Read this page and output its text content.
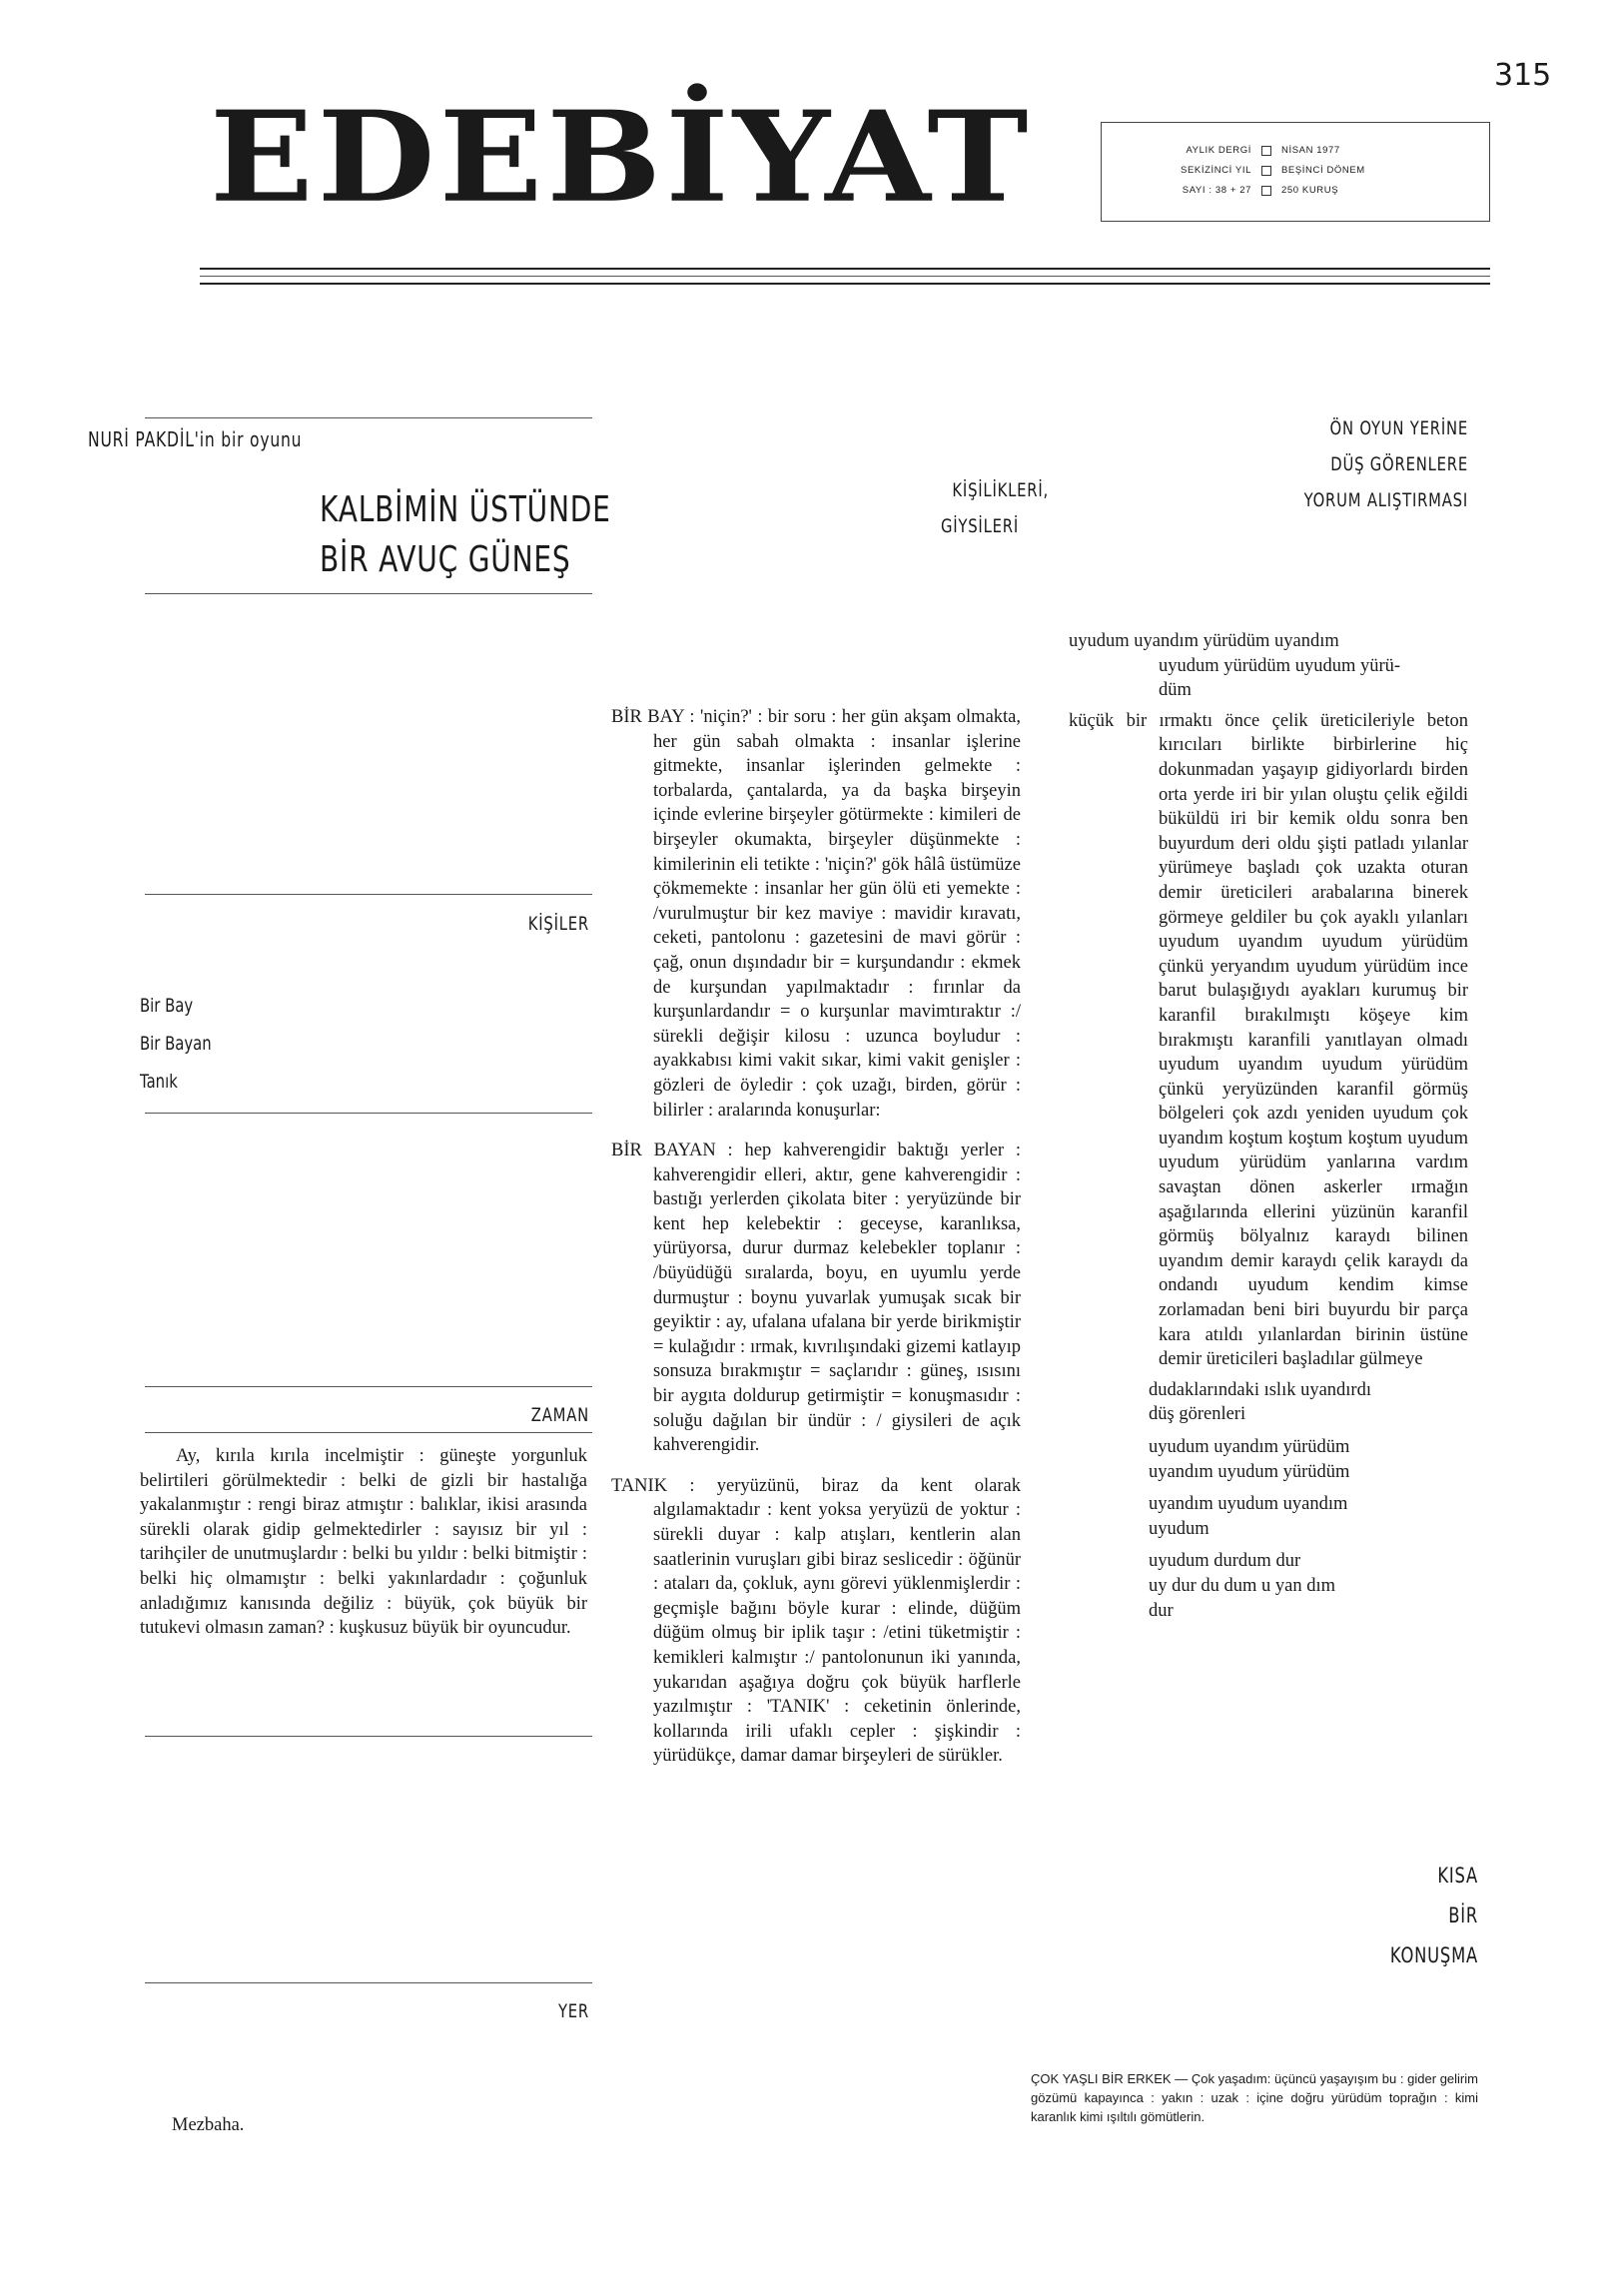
EDEBİYAT
315
AYLIK DERGİ	NİSAN 1977
SEKİZİNCİ YIL	BEŞİNCİ DÖNEM
SAYI : 38 + 27	250 KURUŞ
NURİ PAKDİL'in bir oyunu
KALBİMİN ÜSTÜNDE
BİR AVUÇ GÜNEŞ
KİŞİLİKLERİ,
GİYSİLERİ
ÖN OYUN YERİNE
DÜŞ GÖRENLERE
YORUM ALIŞTIRMASI
KİŞİLER
Bir Bay
Bir Bayan
Tanık
ZAMAN
Ay, kırıla kırıla incelmiştir : güneşte yorgunluk belirtileri görülmektedir : belki de gizli bir hastalığa yakalanmıştır : rengi biraz atmıştır : balıklar, ikisi arasında sürekli olarak gidip gelmektedirler : sayısız bir yıl : tarihçiler de unutmuşlardır : belki bu yıldır : belki bitmiştir : belki hiç olmamıştır : belki yakınlardadır : çoğunluk anladığımız kanısında değiliz : büyük, çok büyük bir tutukevi olmasın zaman? : kuşkusuz büyük bir oyuncudur.
YER
Mezbaha.
BİR BAY : 'niçin?' : bir soru : her gün akşam olmakta, her gün sabah olmakta : insanlar işlerine gitmekte, insanlar işlerinden gelmekte : torbalarda, çantalarda, ya da başka birşeyin içinde evlerine birşeyler götürmekte : kimileri de birşeyler okumakta, birşeyler düşünmekte : kimilerinin eli tetikte : 'niçin?' gök hâlâ üstümüze çökmemekte : insanlar her gün ölü eti yemekte : /vurulmuştur bir kez maviye : mavidir kıravatı, ceketi, pantolonu : gazetesini de mavi görür : çağ, onun dışındadır bir = kurşundandır : ekmek de kurşundan yapılmaktadır : fırınlar da kurşunlardandır = o kurşunlar mavimtıraktır :/ sürekli değişir kilosu : uzunca boyludur : ayakkabısı kimi vakit sıkar, kimi vakit genişler : gözleri de öyledir : çok uzağı, birden, görür : bilirler : aralarında konuşurlar:
BİR BAYAN : hep kahverengidir baktığı yerler : kahverengidir elleri, aktır, gene kahverengidir : bastığı yerlerden çikolata biter : yeryüzünde bir kent hep kelebektir : geceyse, karanlıksa, yürüyorsa, durur durmaz kelebekler toplanır : /büyüdüğü sıralarda, boyu, en uyumlu yerde durmuştur : boynu yuvarlak yumuşak sıcak bir geyiktir : ay, ufalana ufalana bir yerde birikmiştir = kulağıdır : ırmak, kıvrılışındaki gizemi katlayıp sonsuza bırakmıştır = saçlarıdır : güneş, ısısını bir aygıta doldurup getirmiştir = konuşmasıdır : soluğu dağılan bir ündür : / giysileri de açık kahverengidir.
TANIK : yeryüzünü, biraz da kent olarak algılamaktadır : kent yoksa yeryüzü de yoktur : sürekli duyar : kalp atışları, kentlerin alan saatlerinin vuruşları gibi biraz seslicedir : öğünür : ataları da, çokluk, aynı görevi yüklenmişlerdir : geçmişle bağını böyle kurar : elinde, düğüm düğüm olmuş bir iplik taşır : /etini tüketmiştir : kemikleri kalmıştır :/ pantolonunun iki yanında, yukarıdan aşağıya doğru çok büyük harflerle yazılmıştır : 'TANIK' : ceketinin önlerinde, kollarında irili ufaklı cepler : şişkindir : yürüdükçe, damar damar birşeyleri de sürükler.
uyudum uyandım yürüdüm uyandım
uyudum yürüdüm uyudum yürü-
düm
küçük bir ırmaktı önce çelik üreticileriyle beton kırıcıları birlikte birbirlerine hiç dokunmadan yaşayıp gidiyorlardı birden orta yerde iri bir yılan oluştu çelik eğildi büküldü iri bir kemik oldu sonra ben buyurdum deri oldu şişti patladı yılanlar yürümeye başladı çok uzakta oturan demir üreticileri arabalarına binerek görmeye geldiler bu çok ayaklı yılanları uyudum uyandım uyudum yürüdüm çünkü yeryandım uyudum yürüdüm ince barut bulaşığıydı ayakları kurumuş bir karanfil bırakılmıştı köşeye kim bırakmıştı karanfili yanıtlayan olmadı uyudum uyandım uyudum yürüdüm çünkü yeryüzünden karanfil görmüş bölgeleri çok azdı yeniden uyudum çok uyandım koştum koştum koştum uyudum uyudum yürüdüm yanlarına vardım savaştan dönen askerler ırmağın aşağılarında ellerini yüzünün karanfil görmüş bölyalnız karaydı bilinen uyandım demir karaydı çelik karaydı da ondandı uyudum kendim kimse zorlamadan beni biri buyurdu bir parça kara atıldı yılanlardan birinin üstüne demir üreticileri başladılar gülmeye
dudaklarındaki ıslık uyandırdı
düş görenleri
uyudum uyandım yürüdüm
uyandım uyudum yürüdüm
uyandım uyudum uyandım
uyudum
uyudum durdum dur
uy dur du dum u yan dım
dur
KISA
BİR
KONUŞMA
ÇOK YAŞLI BİR ERKEK — Çok yaşadım: üçüncü yaşayışım bu : gider gelirim gözümü kapayınca : yakın : uzak : içine doğru yürüdüm toprağın : kimi karanlık kimi ışıltılı gömütlerin.
